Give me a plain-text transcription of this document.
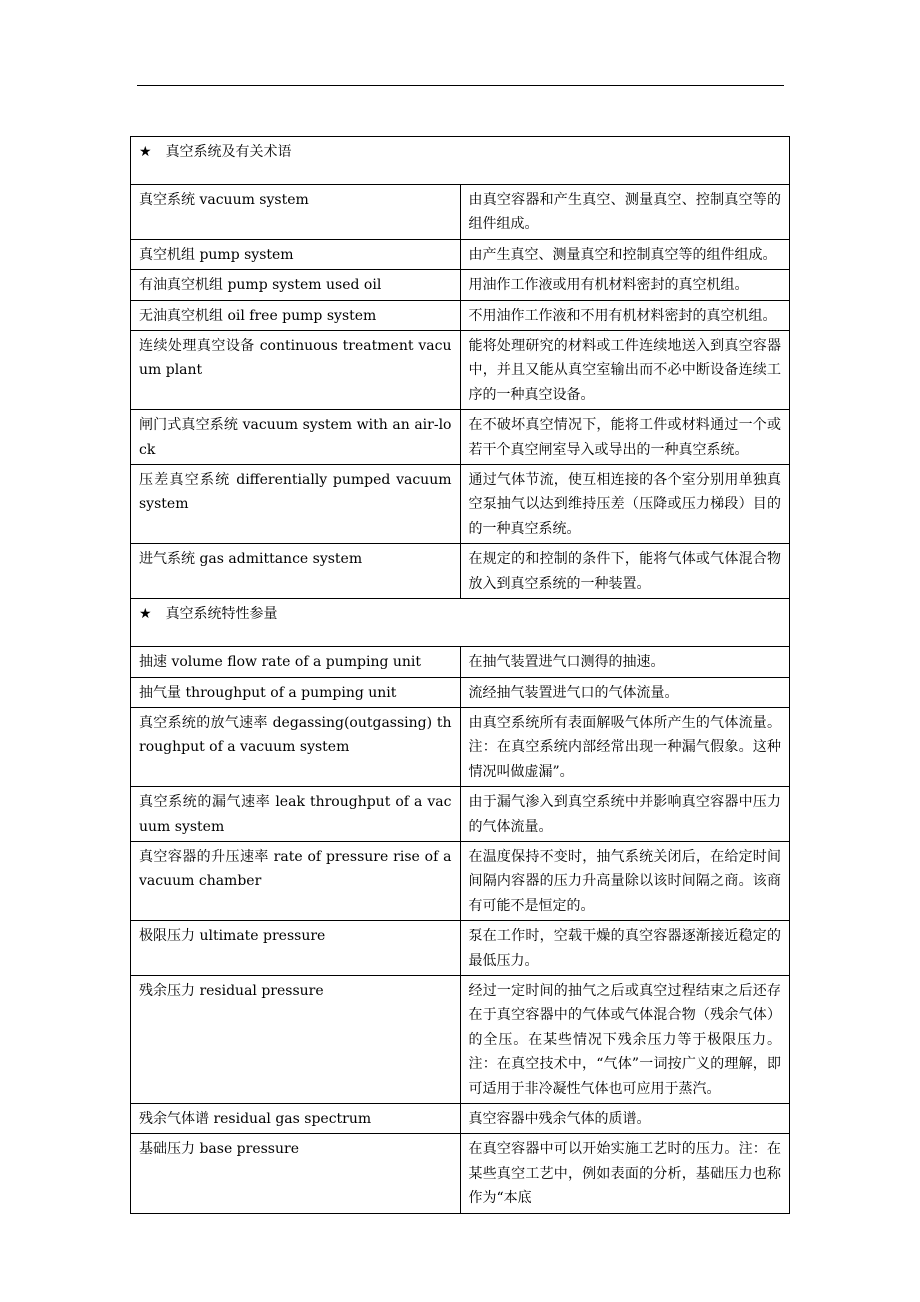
★ 真空系统及有关术语	
真空系统 vacuum system	由真空容器和产生真空、测量真空、控制真空等的组件组成。
真空机组 pump system	由产生真空、测量真空和控制真空等的组件组成。
有油真空机组 pump system used oil	用油作工作液或用有机材料密封的真空机组。
无油真空机组 oil free pump system	不用油作工作液和不用有机材料密封的真空机组。
连续处理真空设备 continuous treatment vacuum plant	能将处理研究的材料或工件连续地送入到真空容器中，并且又能从真空室输出而不必中断设备连续工序的一种真空设备。
闸门式真空系统 vacuum system with an air-lock	在不破坏真空情况下，能将工件或材料通过一个或若干个真空闸室导入或导出的一种真空系统。
压差真空系统 differentially pumped vacuum system	通过气体节流，使互相连接的各个室分别用单独真空泵抽气以达到维持压差（压降或压力梯段）目的的一种真空系统。
进气系统 gas admittance system	在规定的和控制的条件下，能将气体或气体混合物放入到真空系统的一种装置。
★ 真空系统特性参量	
抽速 volume flow rate of a pumping unit	在抽气装置进气口测得的抽速。
抽气量 throughput of a pumping unit	流经抽气装置进气口的气体流量。
真空系统的放气速率 degassing(outgassing) throughput of a vacuum system	由真空系统所有表面解吸气体所产生的气体流量。注：在真空系统内部经常出现一种漏气假象。这种情况叫做虚漏”。
真空系统的漏气速率 leak throughput of a vacuum system	由于漏气渗入到真空系统中并影响真空容器中压力的气体流量。
真空容器的升压速率 rate of pressure rise of a vacuum chamber	在温度保持不变时，抽气系统关闭后，在给定时间间隔内容器的压力升高量除以该时间隔之商。该商有可能不是恒定的。
极限压力 ultimate pressure	泵在工作时，空载干燥的真空容器逐渐接近稳定的最低压力。
残余压力 residual pressure	经过一定时间的抽气之后或真空过程结束之后还存在于真空容器中的气体或气体混合物（残余气体）的全压。在某些情况下残余压力等于极限压力。注：在真空技术中，“气体”一词按广义的理解，即可适用于非冷凝性气体也可应用于蒸汽。
残余气体谱 residual gas spectrum	真空容器中残余气体的质谱。
基础压力 base pressure	在真空容器中可以开始实施工艺时的压力。注：在某些真空工艺中，例如表面的分析，基础压力也称作为“本底
